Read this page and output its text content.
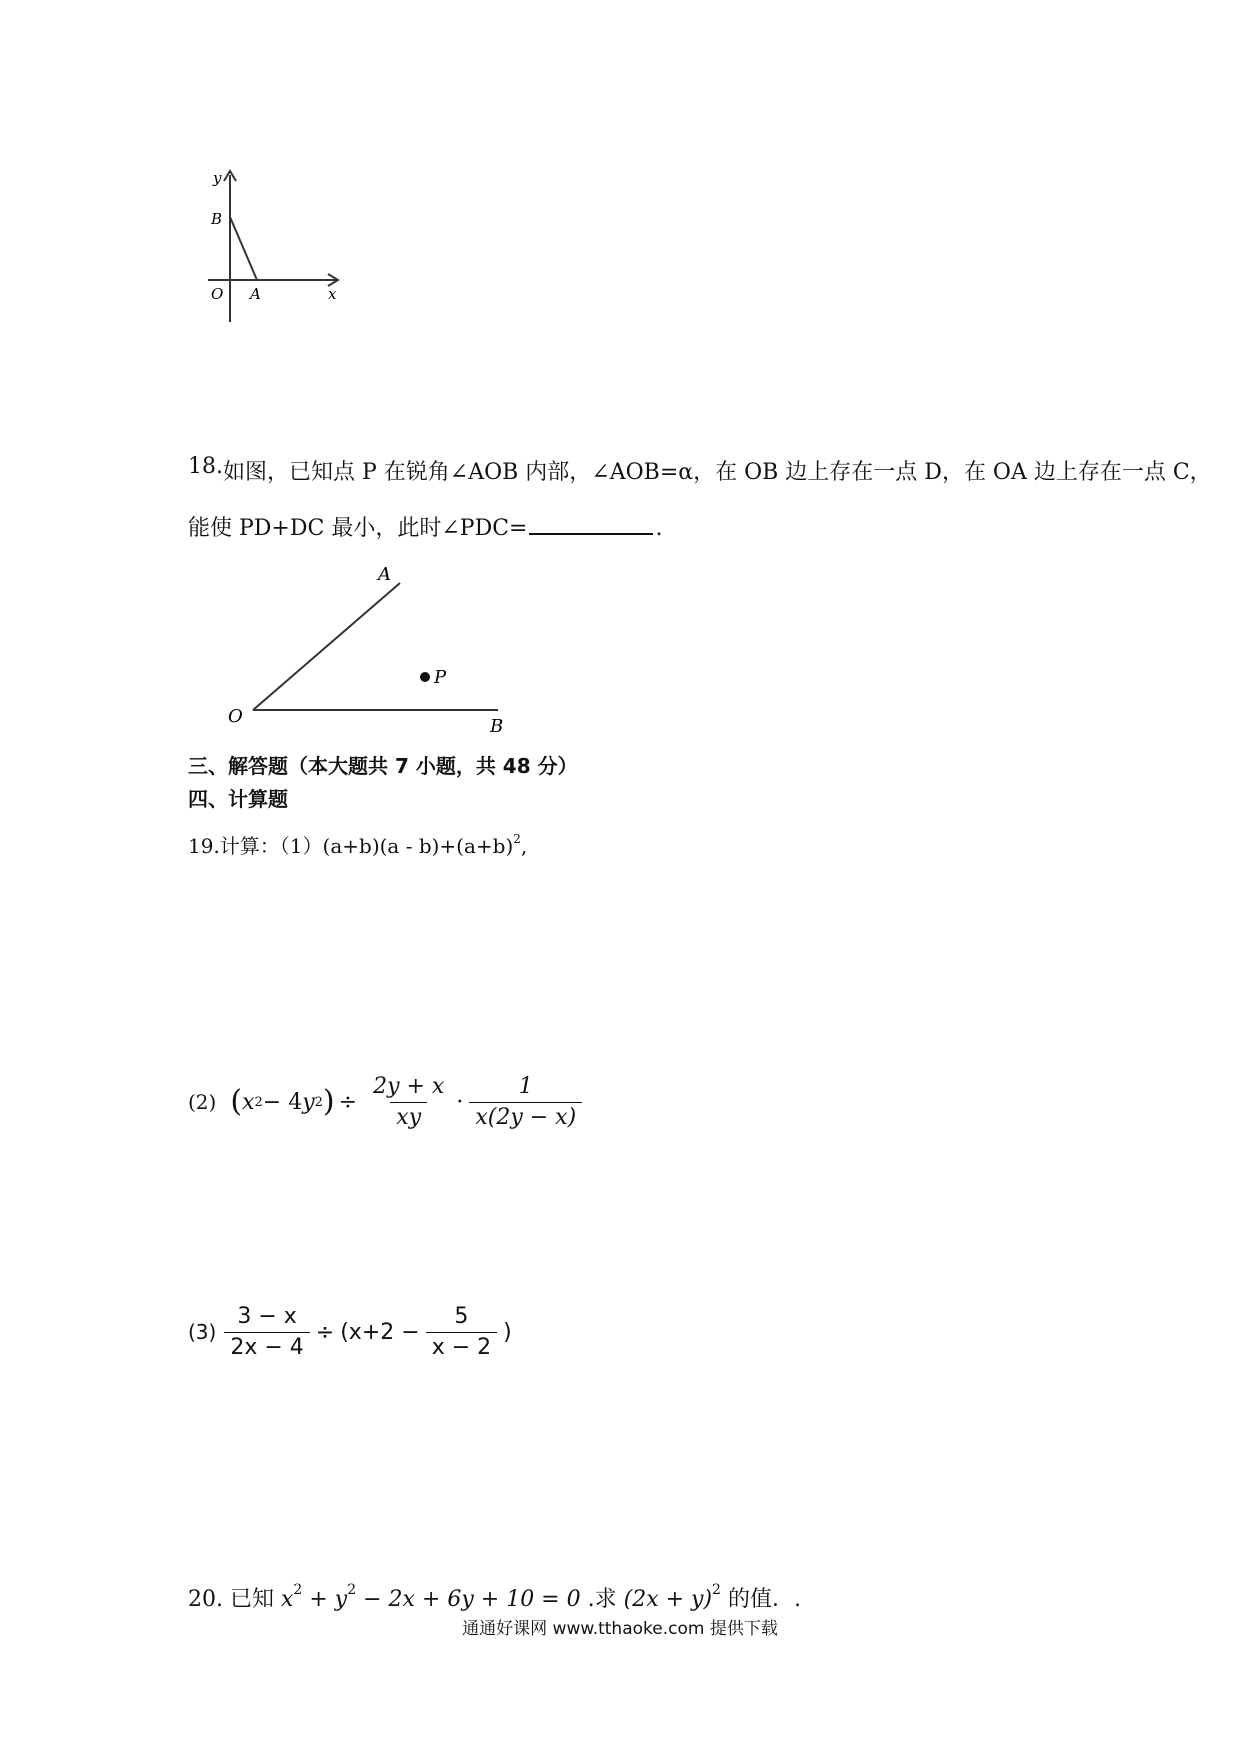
y
B
O A	x
18.如图，已知点 P 在锐角∠AOB 内部，∠AOB=α，在 OB 边上存在一点 D，在 OA 边上存在一点 C，
能使 PD+DC 最小，此时∠PDC=	.
A
P
O	B
三、解答题（本大题共 7 小题，共 48 分）
四、计算题
19.计算：$(1)(a+b)(a - b)+(a+b)^2$,
(2) ( x 2 − 4 y 2 ) ÷ $\frac{2y + x}{xy} \cdot \frac{1}{x(2y - x)}$
$(3) \frac{3 - x}{2x - 4} \div (x+2 - \frac{5}{x - 2}$ )
20. 已知 $x^2 + y^2 - 2x + 6y + 10 = 0$ .求 $(2x + y)^2$ 的值．.
通通好课网 www.tthaoke.com 提供下载
